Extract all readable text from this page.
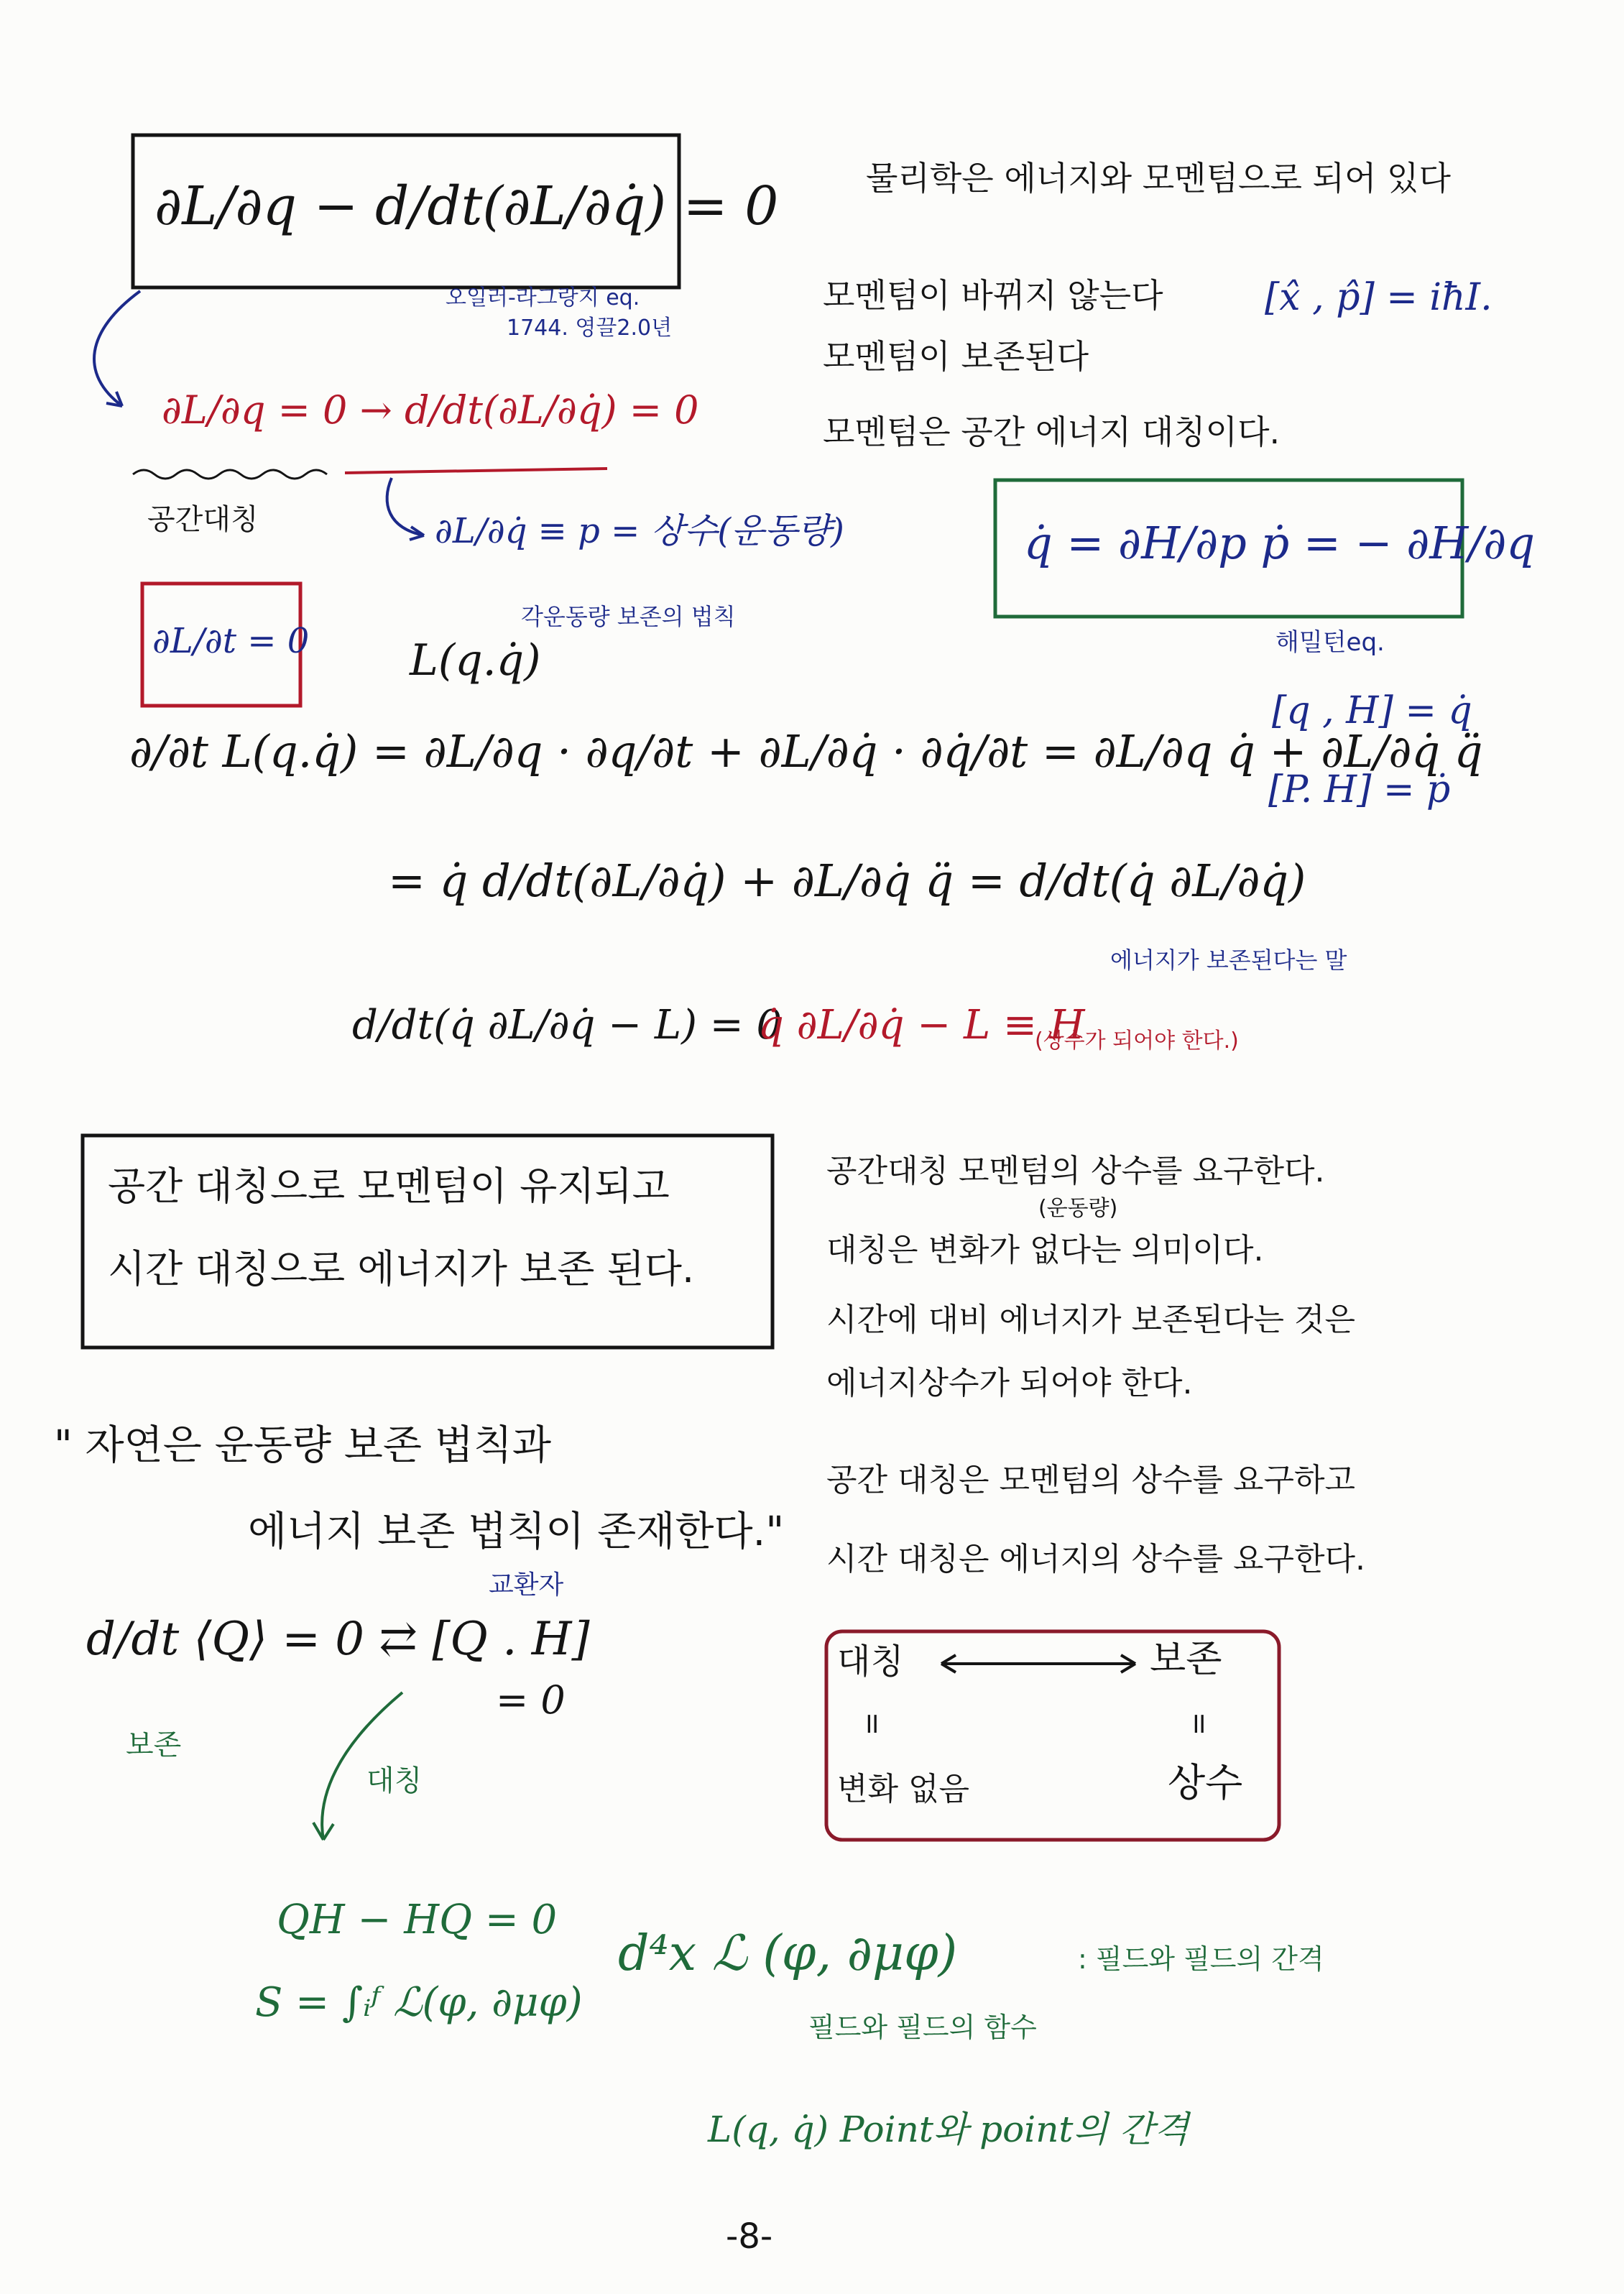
∂L/∂q − d/dt(∂L/∂q̇) = 0
오일러-라그랑지 eq.
1744. 영끌2.0년
∂L/∂q = 0 → d/dt(∂L/∂q̇) = 0
공간대칭	∂L/∂q̇ ≡ p = 상수(운동량)
∂L/∂t = 0
각운동량 보존의 법칙
L(q.q̇)
물리학은 에너지와 모멘텀으로 되어 있다
모멘텀이 바뀌지 않는다	[x̂ , p̂] = iħI.
모멘텀이 보존된다
모멘텀은 공간 에너지 대칭이다.
q̇ = ∂H/∂p ṗ = − ∂H/∂q
해밀턴eq.
[q , H] = q̇
[P. H] = ṗ
∂/∂t L(q.q̇) = ∂L/∂q · ∂q/∂t + ∂L/∂q̇ · ∂q̇/∂t = ∂L/∂q q̇ + ∂L/∂q̇ q̈
= q̇ d/dt(∂L/∂q̇) + ∂L/∂q̇ q̈ = d/dt(q̇ ∂L/∂q̇)
d/dt(q̇ ∂L/∂q̇ − L) = 0
q̇ ∂L/∂q̇ − L ≡ H
에너지가 보존된다는 말
(상수가 되어야 한다.)
공간 대칭으로 모멘텀이 유지되고
시간 대칭으로 에너지가 보존 된다.
공간대칭 모멘텀의 상수를 요구한다.
(운동량)
대칭은 변화가 없다는 의미이다.
시간에 대비 에너지가 보존된다는 것은
에너지상수가 되어야 한다.
공간 대칭은 모멘텀의 상수를 요구하고
시간 대칭은 에너지의 상수를 요구한다.
" 자연은 운동량 보존 법칙과
에너지 보존 법칙이 존재한다."
d/dt ⟨Q⟩ = 0 ⇄ [Q . H]
교환자
= 0
보존
대칭
대칭	보존
॥	॥
변화 없음	상수
QH − HQ = 0
S = ∫ᵢᶠ ℒ(φ, ∂μφ)
d⁴x ℒ (φ, ∂μφ)	: 필드와 필드의 간격
필드와 필드의 함수
L(q, q̇) Point와 point의 간격
-8-
